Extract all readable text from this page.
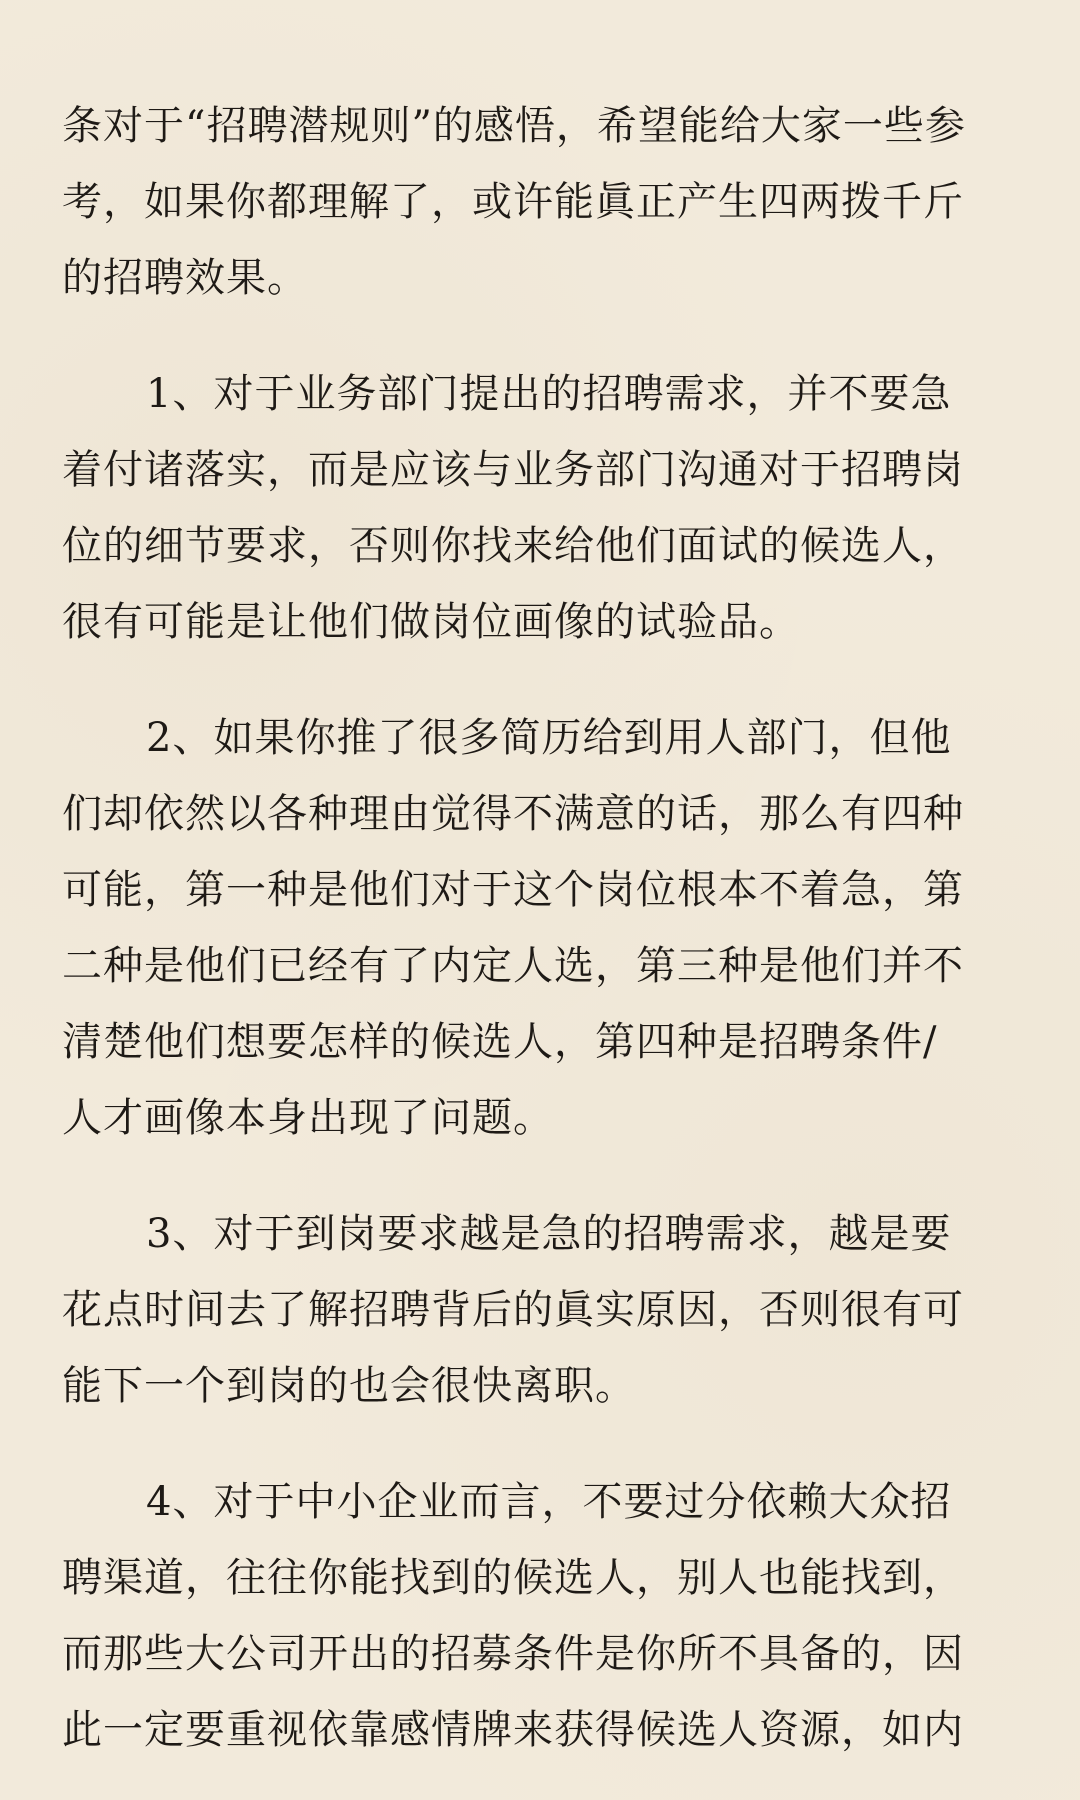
条对于“招聘潜规则”的感悟，希望能给大家一些参
考，如果你都理解了，或许能眞正产生四两拨千斤
的招聘效果。

1、对于业务部门提出的招聘需求，并不要急
着付诸落实，而是应该与业务部门沟通对于招聘岗
位的细节要求，否则你找来给他们面试的候选人，
很有可能是让他们做岗位画像的试验品。

2、如果你推了很多简历给到用人部门，但他
们却依然以各种理由觉得不满意的话，那么有四种
可能，第一种是他们对于这个岗位根本不着急，第
二种是他们已经有了内定人选，第三种是他们并不
清楚他们想要怎样的候选人，第四种是招聘条件/
人才画像本身出现了问题。

3、对于到岗要求越是急的招聘需求，越是要
花点时间去了解招聘背后的眞实原因，否则很有可
能下一个到岗的也会很快离职。

4、对于中小企业而言，不要过分依赖大众招
聘渠道，往往你能找到的候选人，别人也能找到，
而那些大公司开出的招募条件是你所不具备的，因
此一定要重视依靠感情牌来获得候选人资源，如内
